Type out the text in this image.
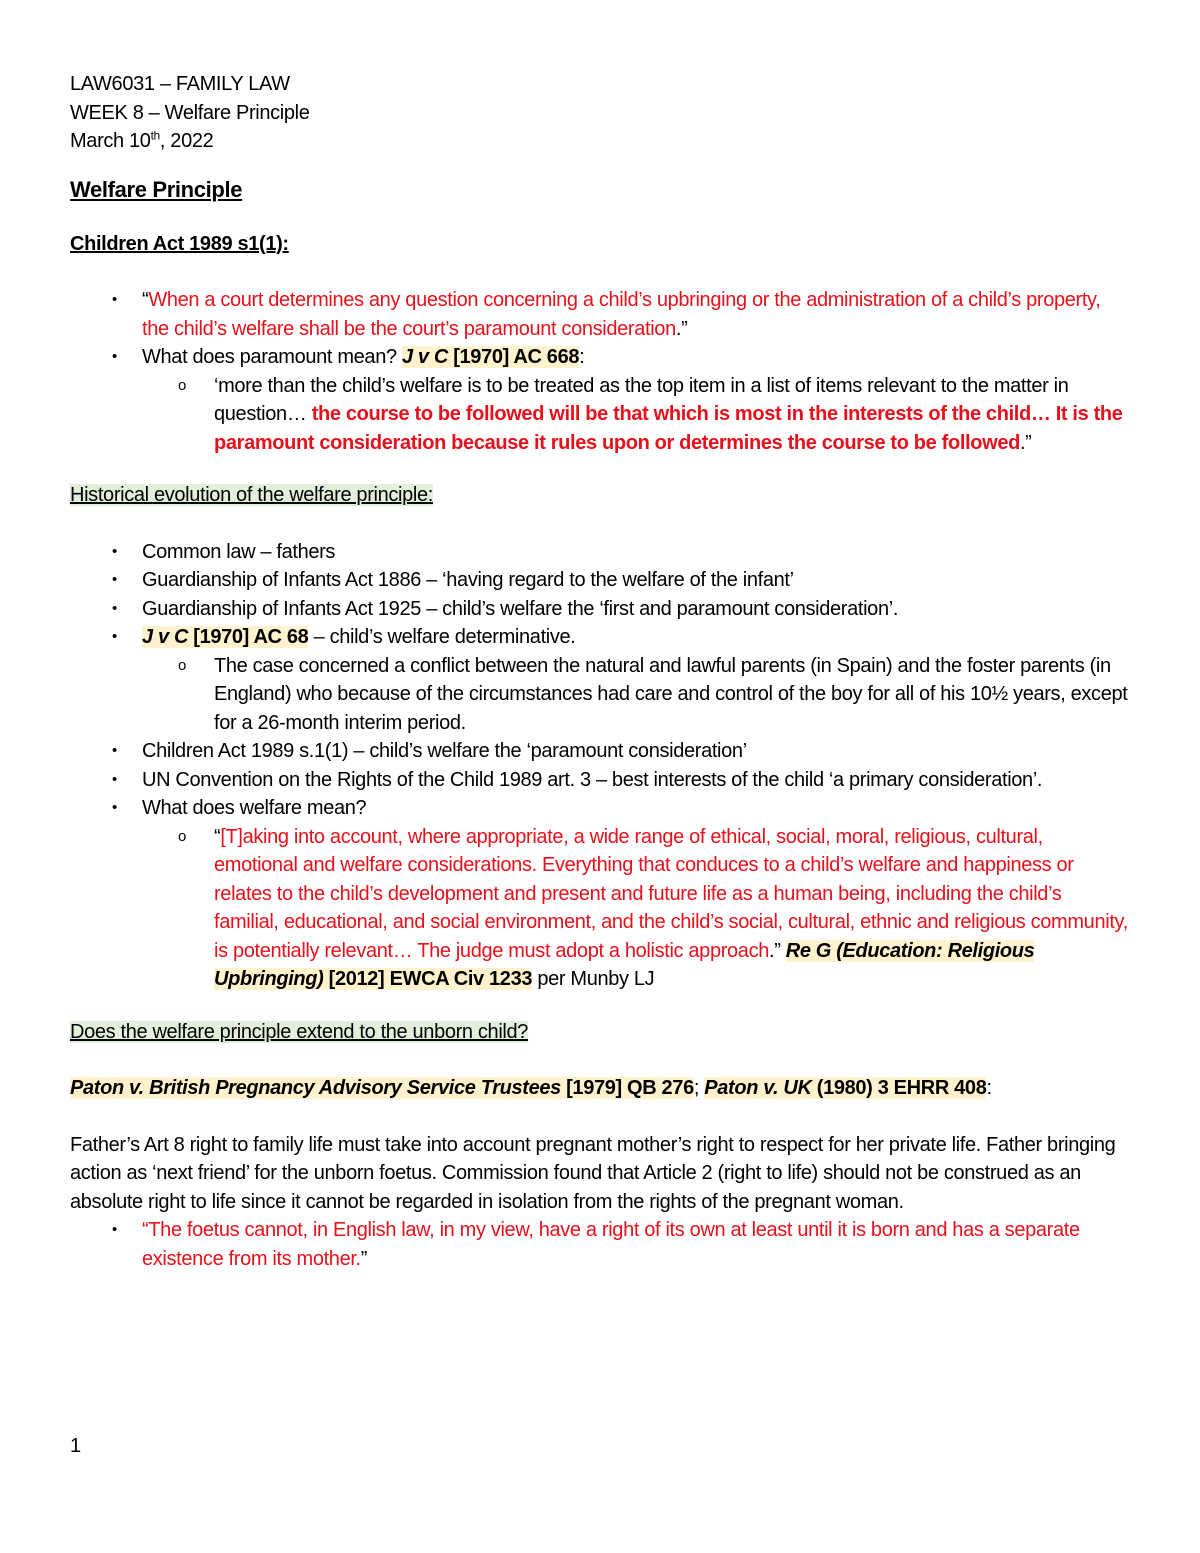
LAW6031 – FAMILY LAW
WEEK 8 – Welfare Principle
March 10th, 2022
Welfare Principle
Children Act 1989 s1(1):
• “When a court determines any question concerning a child’s upbringing or the administration of a child’s property, the child’s welfare shall be the court’s paramount consideration.”
• What does paramount mean? J v C [1970] AC 668:
o ‘more than the child’s welfare is to be treated as the top item in a list of items relevant to the matter in question… the course to be followed will be that which is most in the interests of the child… It is the paramount consideration because it rules upon or determines the course to be followed.”
Historical evolution of the welfare principle:
• Common law – fathers
• Guardianship of Infants Act 1886 – ‘having regard to the welfare of the infant’
• Guardianship of Infants Act 1925 – child’s welfare the ‘first and paramount consideration’.
• J v C [1970] AC 68 – child’s welfare determinative.
o The case concerned a conflict between the natural and lawful parents (in Spain) and the foster parents (in England) who because of the circumstances had care and control of the boy for all of his 10½ years, except for a 26-month interim period.
• Children Act 1989 s.1(1) – child’s welfare the ‘paramount consideration’
• UN Convention on the Rights of the Child 1989 art. 3 – best interests of the child ‘a primary consideration’.
• What does welfare mean?
o “[T]aking into account, where appropriate, a wide range of ethical, social, moral, religious, cultural, emotional and welfare considerations. Everything that conduces to a child’s welfare and happiness or relates to the child’s development and present and future life as a human being, including the child’s familial, educational, and social environment, and the child’s social, cultural, ethnic and religious community, is potentially relevant… The judge must adopt a holistic approach.” Re G (Education: Religious Upbringing) [2012] EWCA Civ 1233 per Munby LJ
Does the welfare principle extend to the unborn child?
Paton v. British Pregnancy Advisory Service Trustees [1979] QB 276; Paton v. UK (1980) 3 EHRR 408:
Father’s Art 8 right to family life must take into account pregnant mother’s right to respect for her private life. Father bringing action as ‘next friend’ for the unborn foetus. Commission found that Article 2 (right to life) should not be construed as an absolute right to life since it cannot be regarded in isolation from the rights of the pregnant woman.
• “The foetus cannot, in English law, in my view, have a right of its own at least until it is born and has a separate existence from its mother.”
1
